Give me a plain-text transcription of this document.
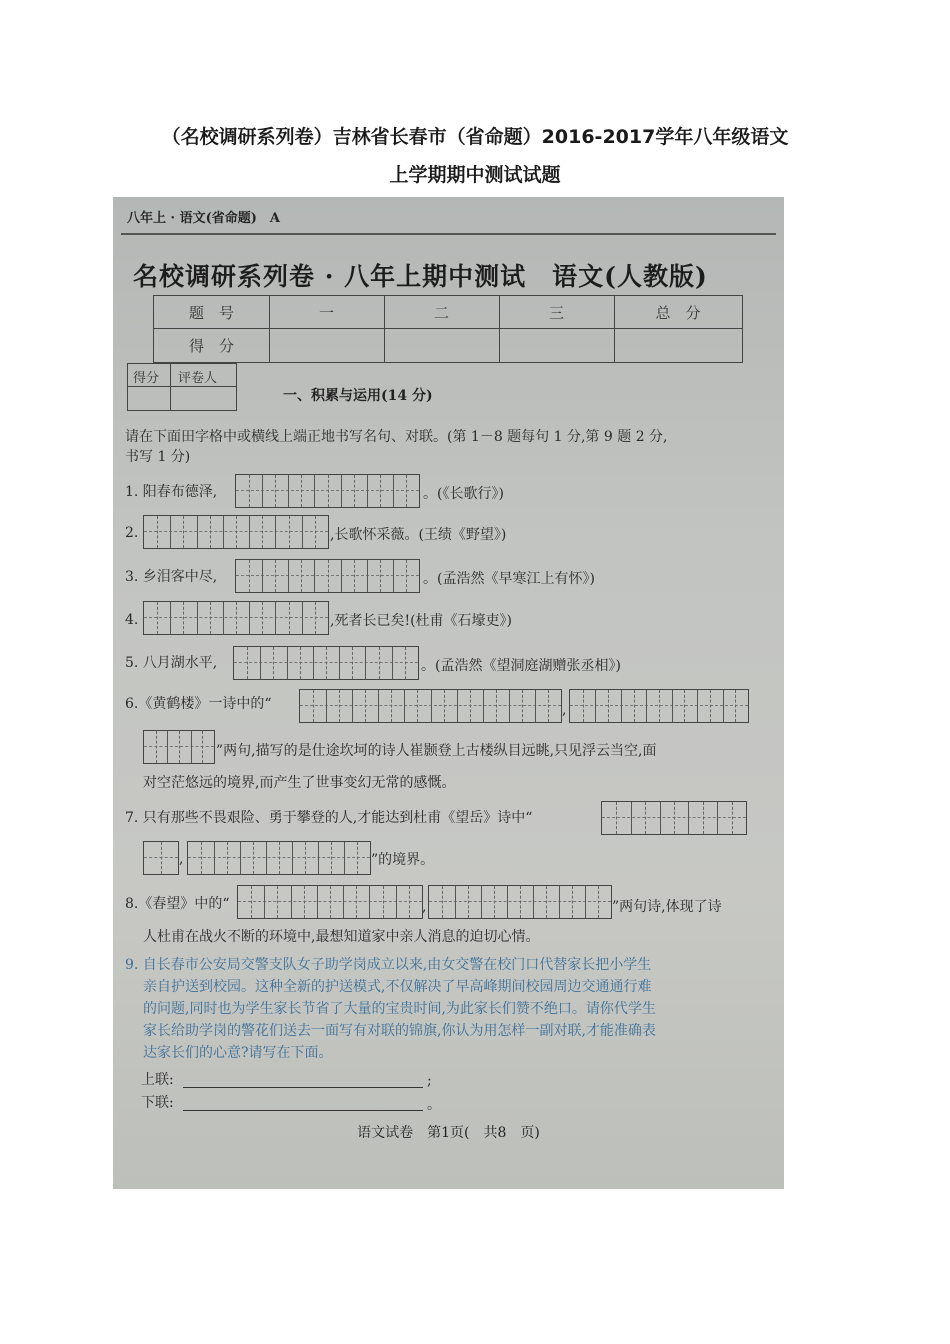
（名校调研系列卷）吉林省长春市（省命题）2016-2017学年八年级语文
上学期期中测试试题
八年上 · 语文(省命题)　A
名校调研系列卷 · 八年上期中测试　语文(人教版)
题　号	一	二	三	总　分
得　分
得分 评卷人
一、积累与运用(14 分)
请在下面田字格中或横线上端正地书写名句、对联。(第 1－8 题每句 1 分,第 9 题 2 分,
书写 1 分)
1. 阳春布德泽,	。(《长歌行》)
2.	,长歌怀采薇。(王绩《野望》)
3. 乡泪客中尽,	。(孟浩然《早寒江上有怀》)
4.	,死者长已矣!(杜甫《石壕吏》)
5. 八月湖水平,	。(孟浩然《望洞庭湖赠张丞相》)
6.《黄鹤楼》一诗中的“	,
”两句,描写的是仕途坎坷的诗人崔颢登上古楼纵目远眺,只见浮云当空,面
对空茫悠远的境界,而产生了世事变幻无常的感慨。
7. 只有那些不畏艰险、勇于攀登的人,才能达到杜甫《望岳》诗中“
,	”的境界。
8.《春望》中的“	,	”两句诗,体现了诗
人杜甫在战火不断的环境中,最想知道家中亲人消息的迫切心情。
9. 自长春市公安局交警支队女子助学岗成立以来,由女交警在校门口代替家长把小学生
亲自护送到校园。这种全新的护送模式,不仅解决了早高峰期间校园周边交通通行难
的问题,同时也为学生家长节省了大量的宝贵时间,为此家长们赞不绝口。请你代学生
家长给助学岗的警花们送去一面写有对联的锦旗,你认为用怎样一副对联,才能准确表
达家长们的心意?请写在下面。
上联:	;
下联:	。
语文试卷　第1页(　共8　页)
